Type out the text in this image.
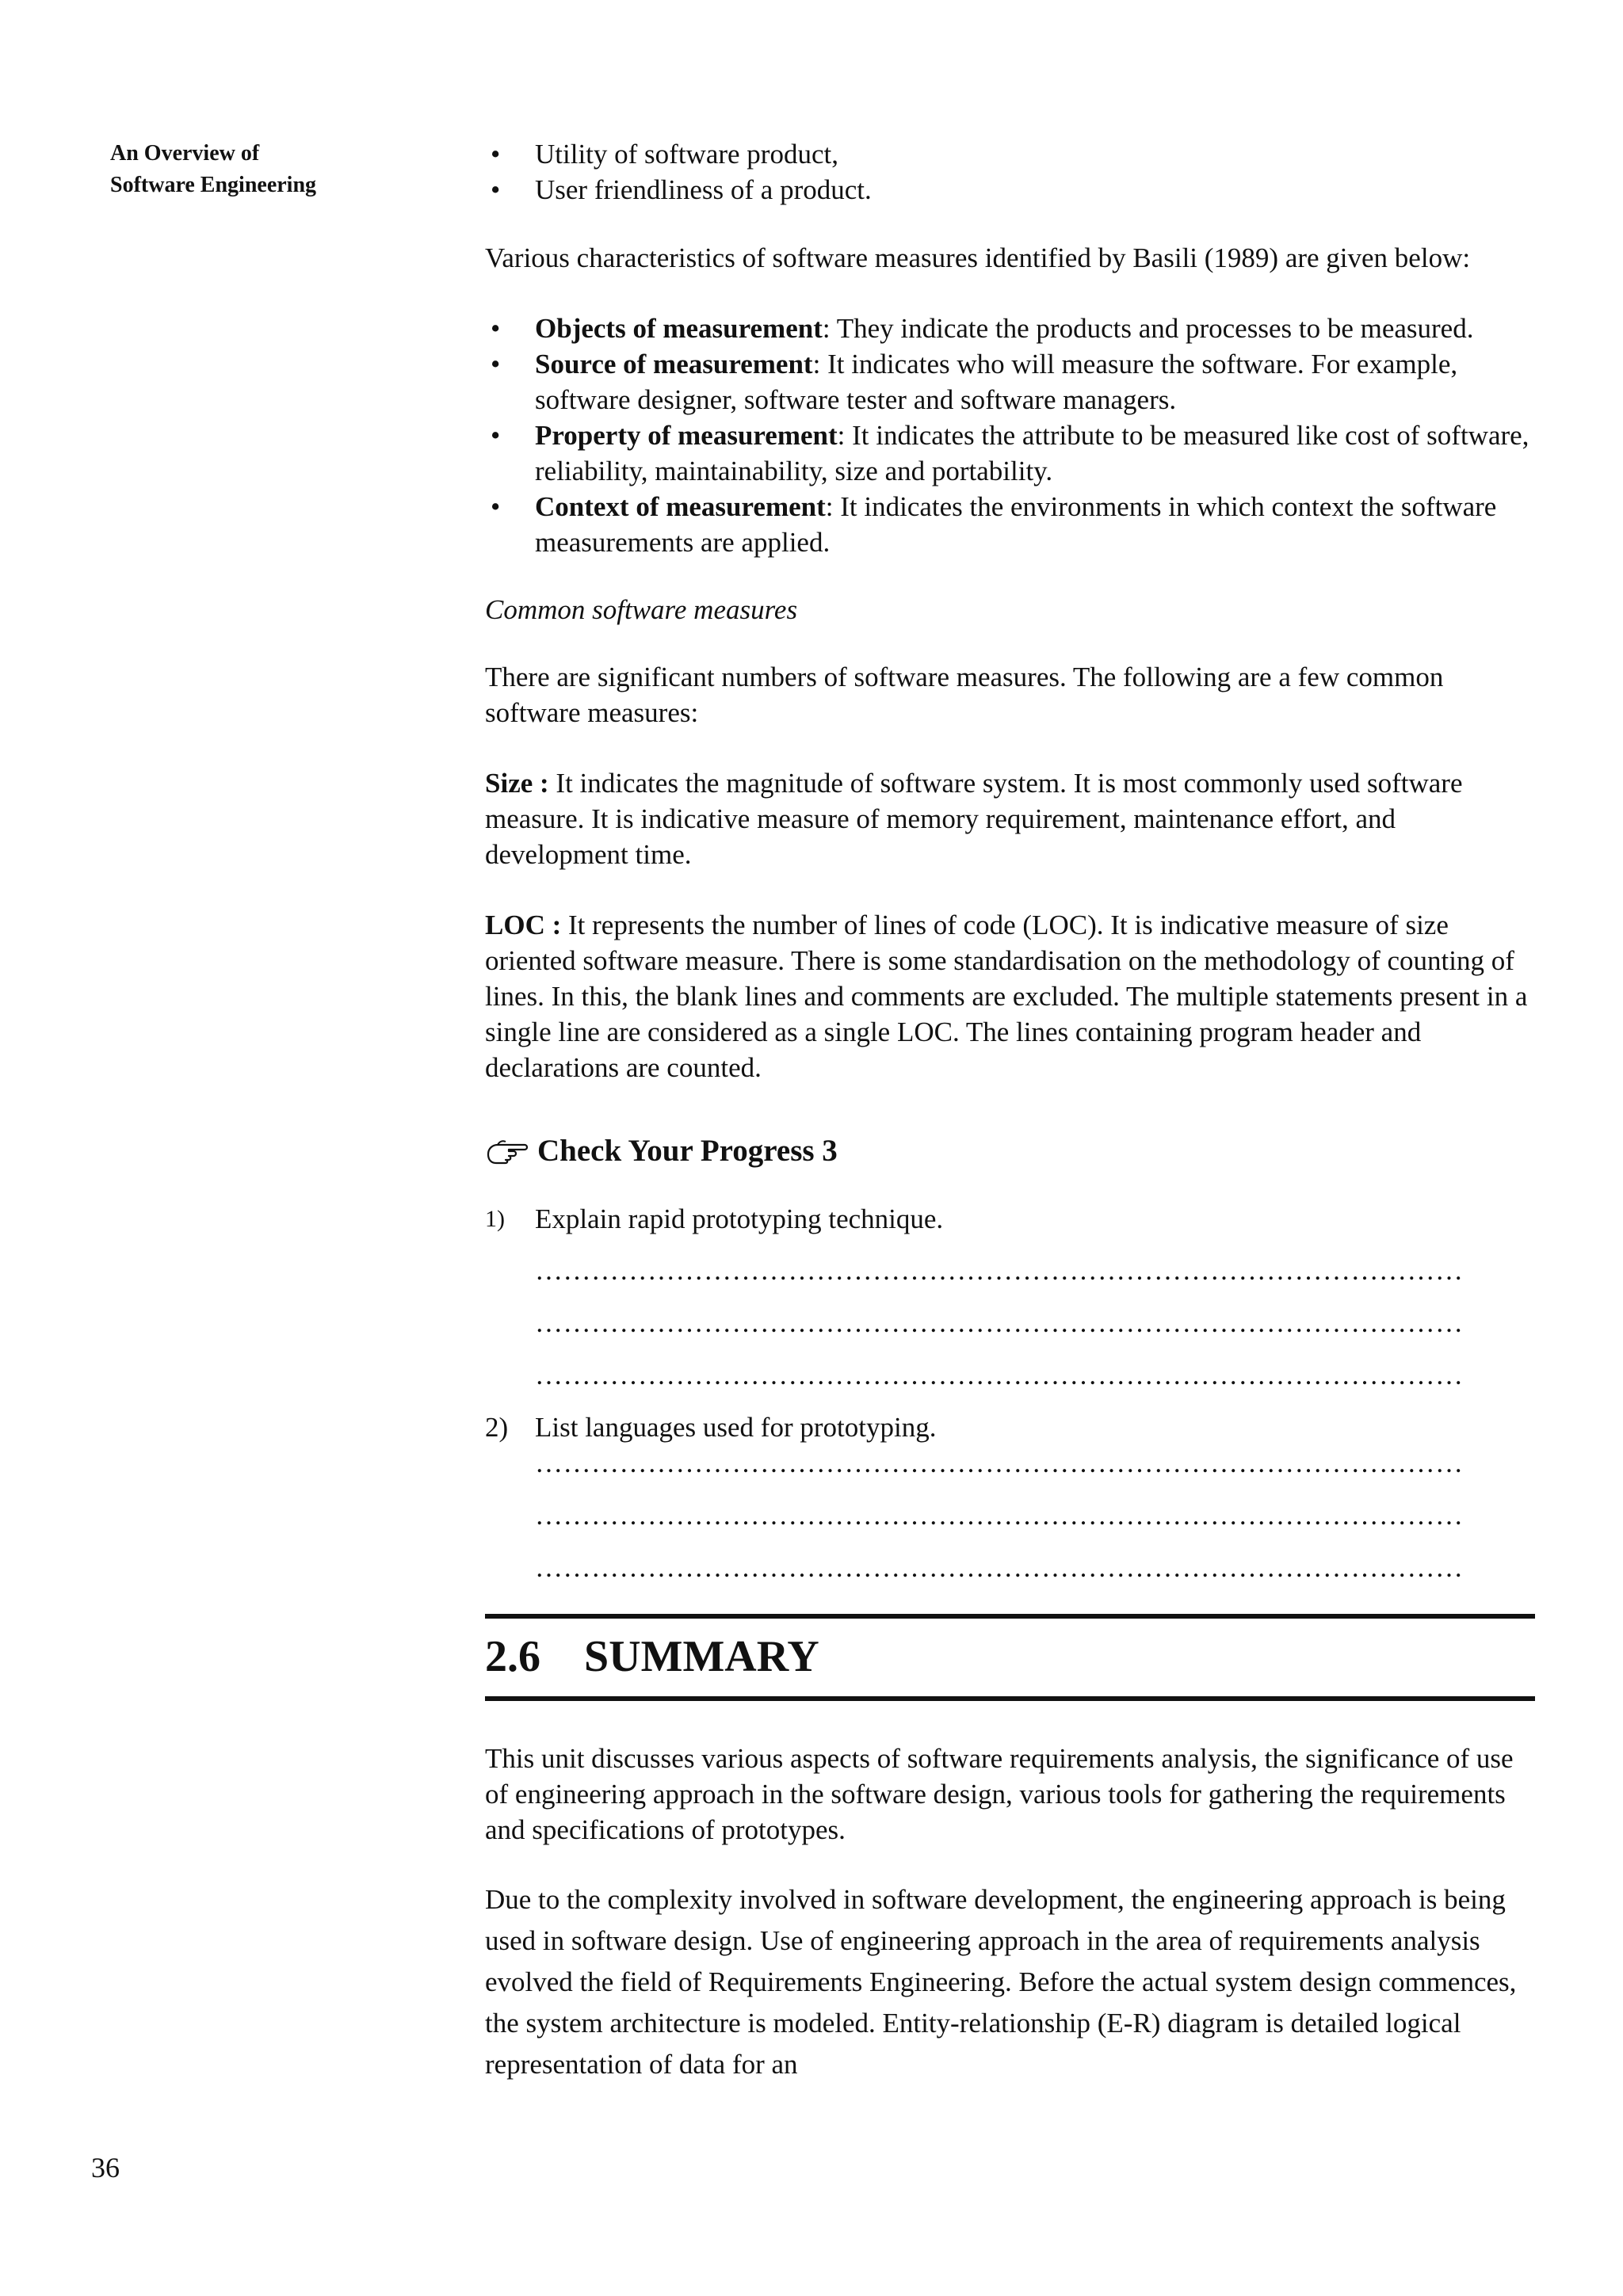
An Overview of
Software Engineering
• Utility of software product,
• User friendliness of a product.

Various characteristics of software measures identified by Basili (1989) are given below:

• Objects of measurement: They indicate the products and processes to be measured.
• Source of measurement: It indicates who will measure the software. For example, software designer, software tester and software managers.
• Property of measurement: It indicates the attribute to be measured like cost of software, reliability, maintainability, size and portability.
• Context of measurement: It indicates the environments in which context the software measurements are applied.

Common software measures

There are significant numbers of software measures. The following are a few common software measures:

Size : It indicates the magnitude of software system. It is most commonly used software measure. It is indicative measure of memory requirement, maintenance effort, and development time.

LOC : It represents the number of lines of code (LOC). It is indicative measure of size oriented software measure. There is some standardisation on the methodology of counting of lines. In this, the blank lines and comments are excluded. The multiple statements present in a single line are considered as a single LOC. The lines containing program header and declarations are counted.

Check Your Progress 3
1)	Explain rapid prototyping technique.
………………………………………………………………………………………
………………………………………………………………………………………
………………………………………………………………………………………
2) List languages used for prototyping.
………………………………………………………………………………………
………………………………………………………………………………………
………………………………………………………………………………………
2.6 SUMMARY

This unit discusses various aspects of software requirements analysis, the significance of use of engineering approach in the software design, various tools for gathering the requirements and specifications of prototypes.

Due to the complexity involved in software development, the engineering approach is being used in software design. Use of engineering approach in the area of requirements analysis evolved the field of Requirements Engineering. Before the actual system design commences, the system architecture is modeled. Entity-relationship (E-R) diagram is detailed logical representation of data for an

36
